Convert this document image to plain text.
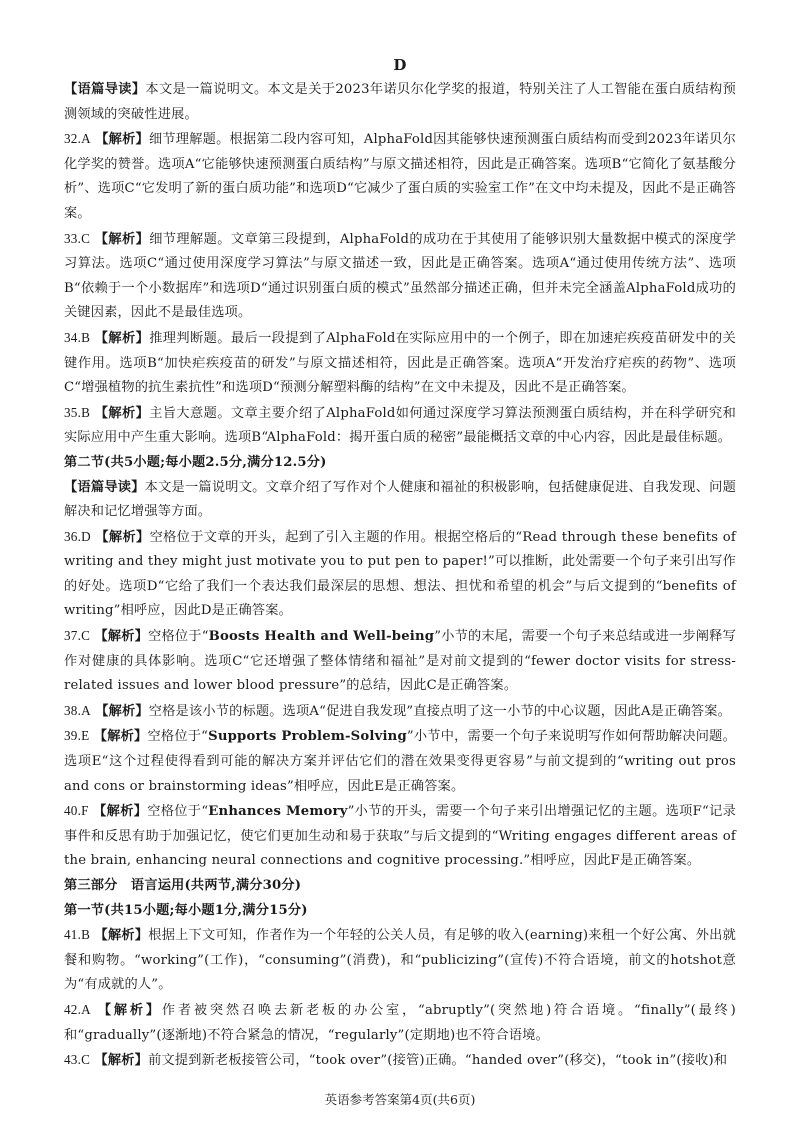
D

【语篇导读】本文是一篇说明文。本文是关于2023年诺贝尔化学奖的报道，特别关注了人工智能在蛋白质结构预测领域的突破性进展。

32.A 【解析】细节理解题。根据第二段内容可知，AlphaFold因其能够快速预测蛋白质结构而受到2023年诺贝尔化学奖的赞誉。选项A“它能够快速预测蛋白质结构”与原文描述相符，因此是正确答案。选项B“它简化了氨基酸分析”、选项C“它发明了新的蛋白质功能”和选项D“它减少了蛋白质的实验室工作”在文中均未提及，因此不是正确答案。

33.C 【解析】细节理解题。文章第三段提到，AlphaFold的成功在于其使用了能够识别大量数据中模式的深度学习算法。选项C“通过使用深度学习算法”与原文描述一致，因此是正确答案。选项A“通过使用传统方法”、选项B“依赖于一个小数据库”和选项D“通过识别蛋白质的模式”虽然部分描述正确，但并未完全涵盖AlphaFold成功的关键因素，因此不是最佳选项。

34.B 【解析】推理判断题。最后一段提到了AlphaFold在实际应用中的一个例子，即在加速疟疾疫苗研发中的关键作用。选项B“加快疟疾疫苗的研发”与原文描述相符，因此是正确答案。选项A“开发治疗疟疾的药物”、选项C“增强植物的抗生素抗性”和选项D“预测分解塑料酶的结构”在文中未提及，因此不是正确答案。

35.B 【解析】主旨大意题。文章主要介绍了AlphaFold如何通过深度学习算法预测蛋白质结构，并在科学研究和实际应用中产生重大影响。选项B“AlphaFold：揭开蛋白质的秘密”最能概括文章的中心内容，因此是最佳标题。

第二节(共5小题;每小题2.5分,满分12.5分)

【语篇导读】本文是一篇说明文。文章介绍了写作对个人健康和福祉的积极影响，包括健康促进、自我发现、问题解决和记忆增强等方面。

36.D 【解析】空格位于文章的开头，起到了引入主题的作用。根据空格后的“Read through these benefits of writing and they might just motivate you to put pen to paper!”可以推断，此处需要一个句子来引出写作的好处。选项D“它给了我们一个表达我们最深层的思想、想法、担忧和希望的机会”与后文提到的“benefits of writing”相呼应，因此D是正确答案。

37.C 【解析】空格位于“Boosts Health and Well-being”小节的末尾，需要一个句子来总结或进一步阐释写作对健康的具体影响。选项C“它还增强了整体情绪和福祉”是对前文提到的“fewer doctor visits for stress-related issues and lower blood pressure”的总结，因此C是正确答案。

38.A 【解析】空格是该小节的标题。选项A“促进自我发现”直接点明了这一小节的中心议题，因此A是正确答案。

39.E 【解析】空格位于“Supports Problem-Solving”小节中，需要一个句子来说明写作如何帮助解决问题。选项E“这个过程使得看到可能的解决方案并评估它们的潜在效果变得更容易”与前文提到的“writing out pros and cons or brainstorming ideas”相呼应，因此E是正确答案。

40.F 【解析】空格位于“Enhances Memory”小节的开头，需要一个句子来引出增强记忆的主题。选项F“记录事件和反思有助于加强记忆，使它们更加生动和易于获取”与后文提到的“Writing engages different areas of the brain, enhancing neural connections and cognitive processing.”相呼应，因此F是正确答案。

第三部分　语言运用(共两节,满分30分)

第一节(共15小题;每小题1分,满分15分)

41.B 【解析】根据上下文可知，作者作为一个年轻的公关人员，有足够的收入(earning)来租一个好公寓、外出就餐和购物。“working”(工作)，“consuming”(消费)，和“publicizing”(宣传)不符合语境，前文的hotshot意为“有成就的人”。

42.A 【解析】作者被突然召唤去新老板的办公室，“abruptly”(突然地)符合语境。“finally”(最终)和“gradually”(逐渐地)不符合紧急的情况，“regularly”(定期地)也不符合语境。

43.C 【解析】前文提到新老板接管公司，“took over”(接管)正确。“handed over”(移交)，“took in”(接收)和

英语参考答案第4页(共6页)
